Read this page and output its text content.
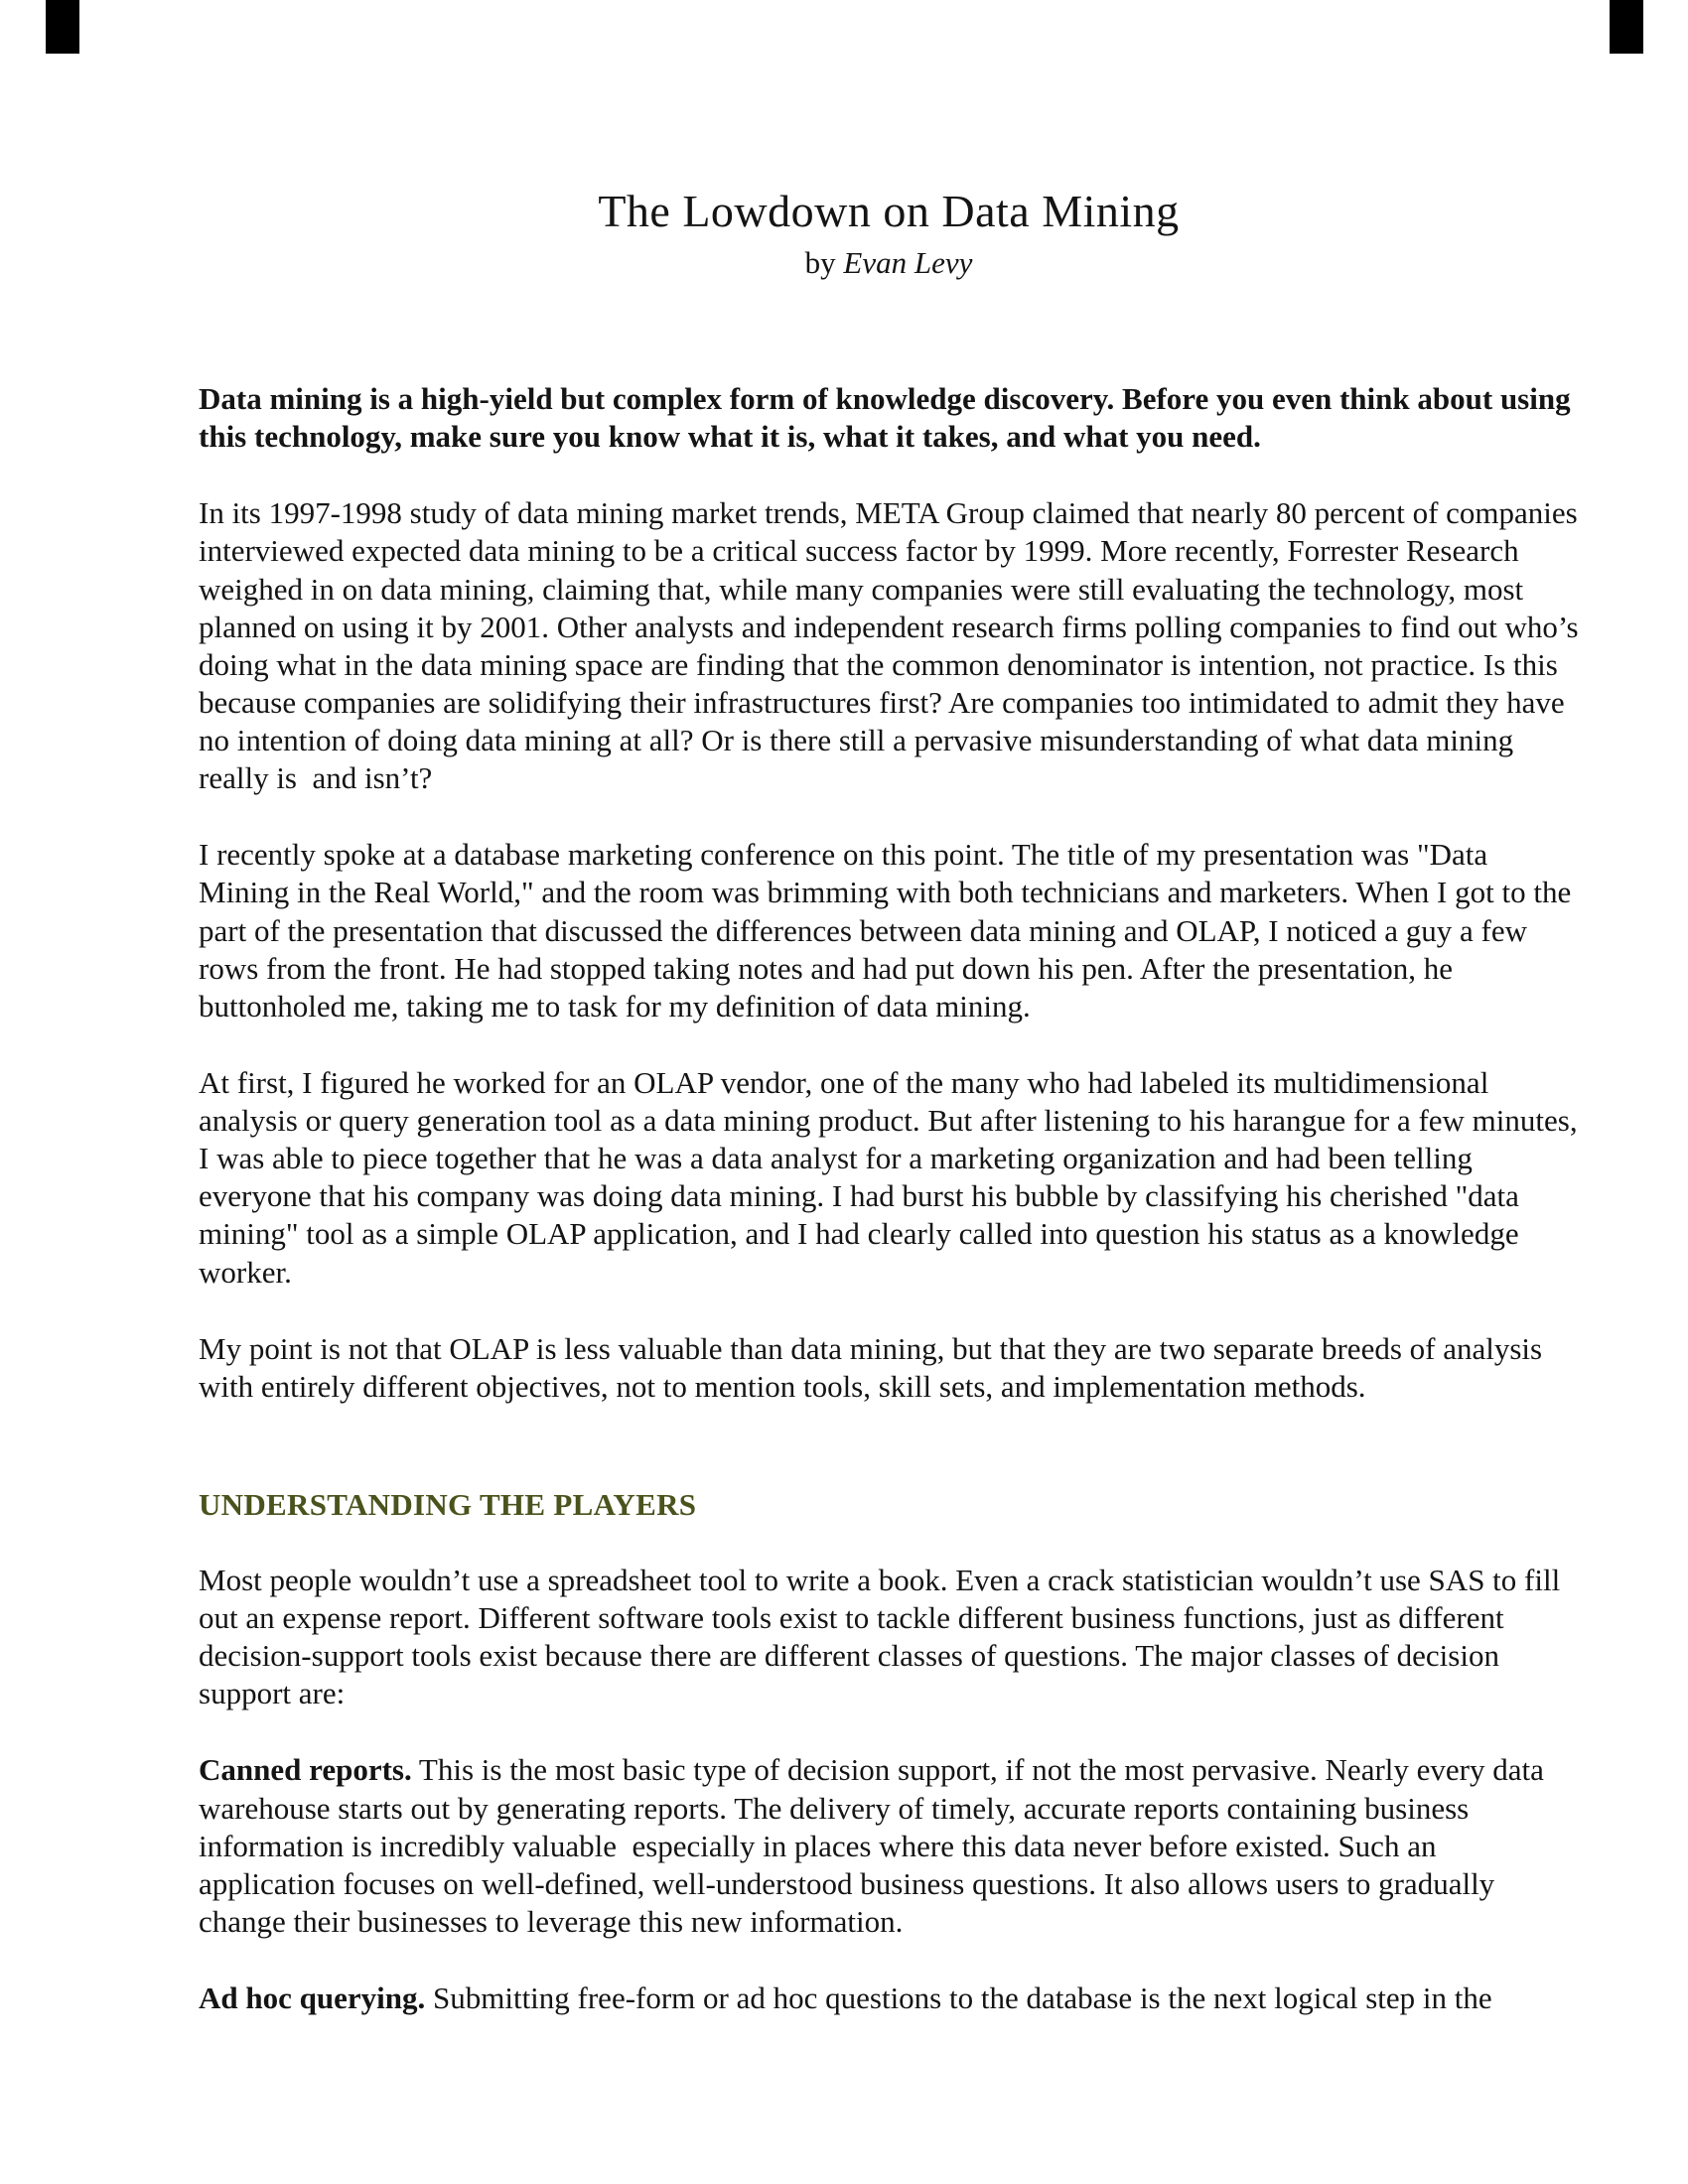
The Lowdown on Data Mining
by Evan Levy

Data mining is a high-yield but complex form of knowledge discovery. Before you even think about using this technology, make sure you know what it is, what it takes, and what you need.

In its 1997-1998 study of data mining market trends, META Group claimed that nearly 80 percent of companies interviewed expected data mining to be a critical success factor by 1999. More recently, Forrester Research weighed in on data mining, claiming that, while many companies were still evaluating the technology, most planned on using it by 2001. Other analysts and independent research firms polling companies to find out who’s doing what in the data mining space are finding that the common denominator is intention, not practice. Is this because companies are solidifying their infrastructures first? Are companies too intimidated to admit they have no intention of doing data mining at all? Or is there still a pervasive misunderstanding of what data mining really is  and isn’t?

I recently spoke at a database marketing conference on this point. The title of my presentation was "Data Mining in the Real World," and the room was brimming with both technicians and marketers. When I got to the part of the presentation that discussed the differences between data mining and OLAP, I noticed a guy a few rows from the front. He had stopped taking notes and had put down his pen. After the presentation, he buttonholed me, taking me to task for my definition of data mining.

At first, I figured he worked for an OLAP vendor, one of the many who had labeled its multidimensional analysis or query generation tool as a data mining product. But after listening to his harangue for a few minutes, I was able to piece together that he was a data analyst for a marketing organization and had been telling everyone that his company was doing data mining. I had burst his bubble by classifying his cherished "data mining" tool as a simple OLAP application, and I had clearly called into question his status as a knowledge worker.

My point is not that OLAP is less valuable than data mining, but that they are two separate breeds of analysis with entirely different objectives, not to mention tools, skill sets, and implementation methods.

UNDERSTANDING THE PLAYERS

Most people wouldn’t use a spreadsheet tool to write a book. Even a crack statistician wouldn’t use SAS to fill out an expense report. Different software tools exist to tackle different business functions, just as different decision-support tools exist because there are different classes of questions. The major classes of decision support are:

Canned reports. This is the most basic type of decision support, if not the most pervasive. Nearly every data warehouse starts out by generating reports. The delivery of timely, accurate reports containing business information is incredibly valuable  especially in places where this data never before existed. Such an application focuses on well-defined, well-understood business questions. It also allows users to gradually change their businesses to leverage this new information.

Ad hoc querying. Submitting free-form or ad hoc questions to the database is the next logical step in the
